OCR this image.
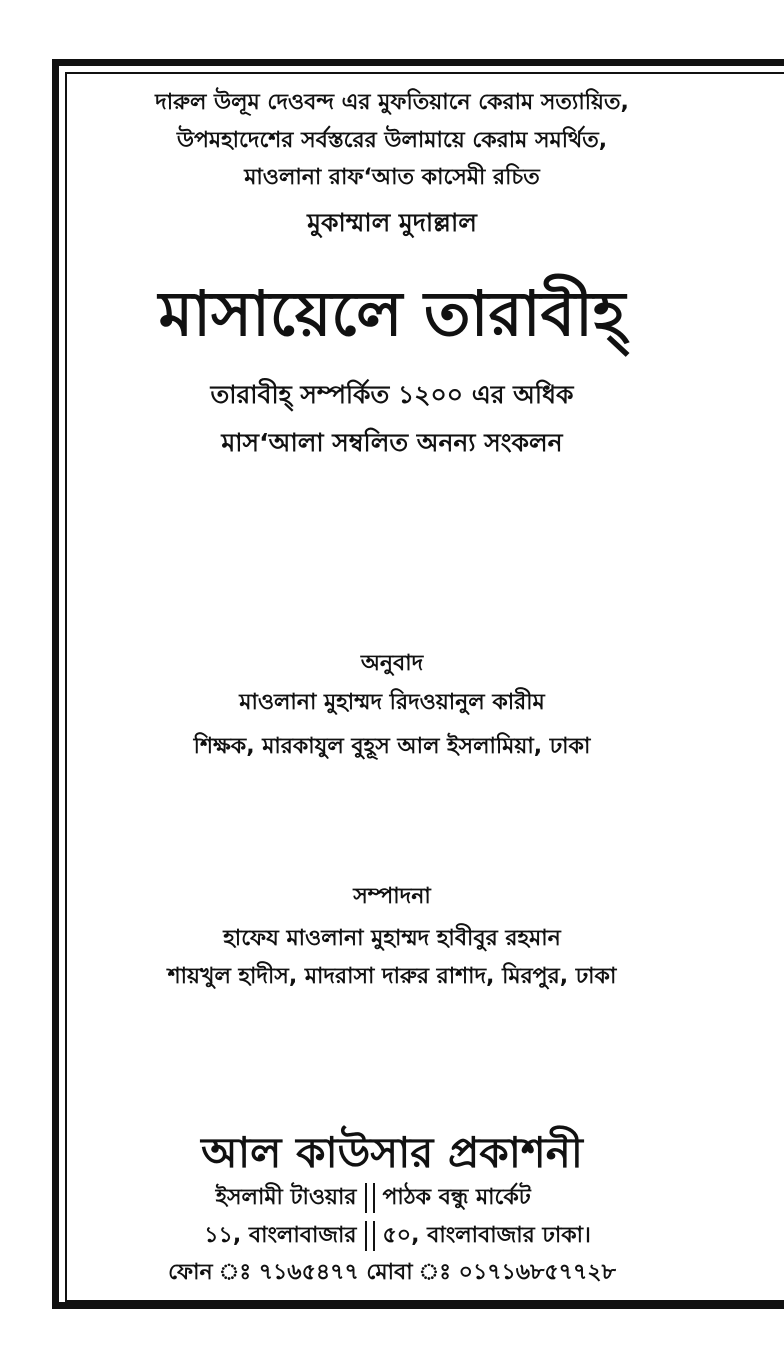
দারুল উলূম দেওবন্দ এর মুফতিয়ানে কেরাম সত্যায়িত,
উপমহাদেশের সর্বস্তরের উলামায়ে কেরাম সমর্থিত,
মাওলানা রাফ‘আত কাসেমী রচিত
মুকাম্মাল মুদাল্লাল
মাসায়েলে তারাবীহ্‌
তারাবীহ্‌ সম্পর্কিত ১২০০ এর অধিক
মাস‘আলা সম্বলিত অনন্য সংকলন
অনুবাদ
মাওলানা মুহাম্মদ রিদওয়ানুল কারীম
শিক্ষক, মারকাযুল বুহূস আল ইসলামিয়া, ঢাকা
সম্পাদনা
হাফেয মাওলানা মুহাম্মদ হাবীবুর রহমান
শায়খুল হাদীস, মাদরাসা দারুর রাশাদ, মিরপুর, ঢাকা
আল কাউসার প্রকাশনী
ইসলামী টাওয়ার	পাঠক বন্ধু মার্কেট
১১, বাংলাবাজার	৫০, বাংলাবাজার ঢাকা।
ফোন ঃ ৭১৬৫৪৭৭ মোবা ঃ ০১৭১৬৮৫৭৭২৮
